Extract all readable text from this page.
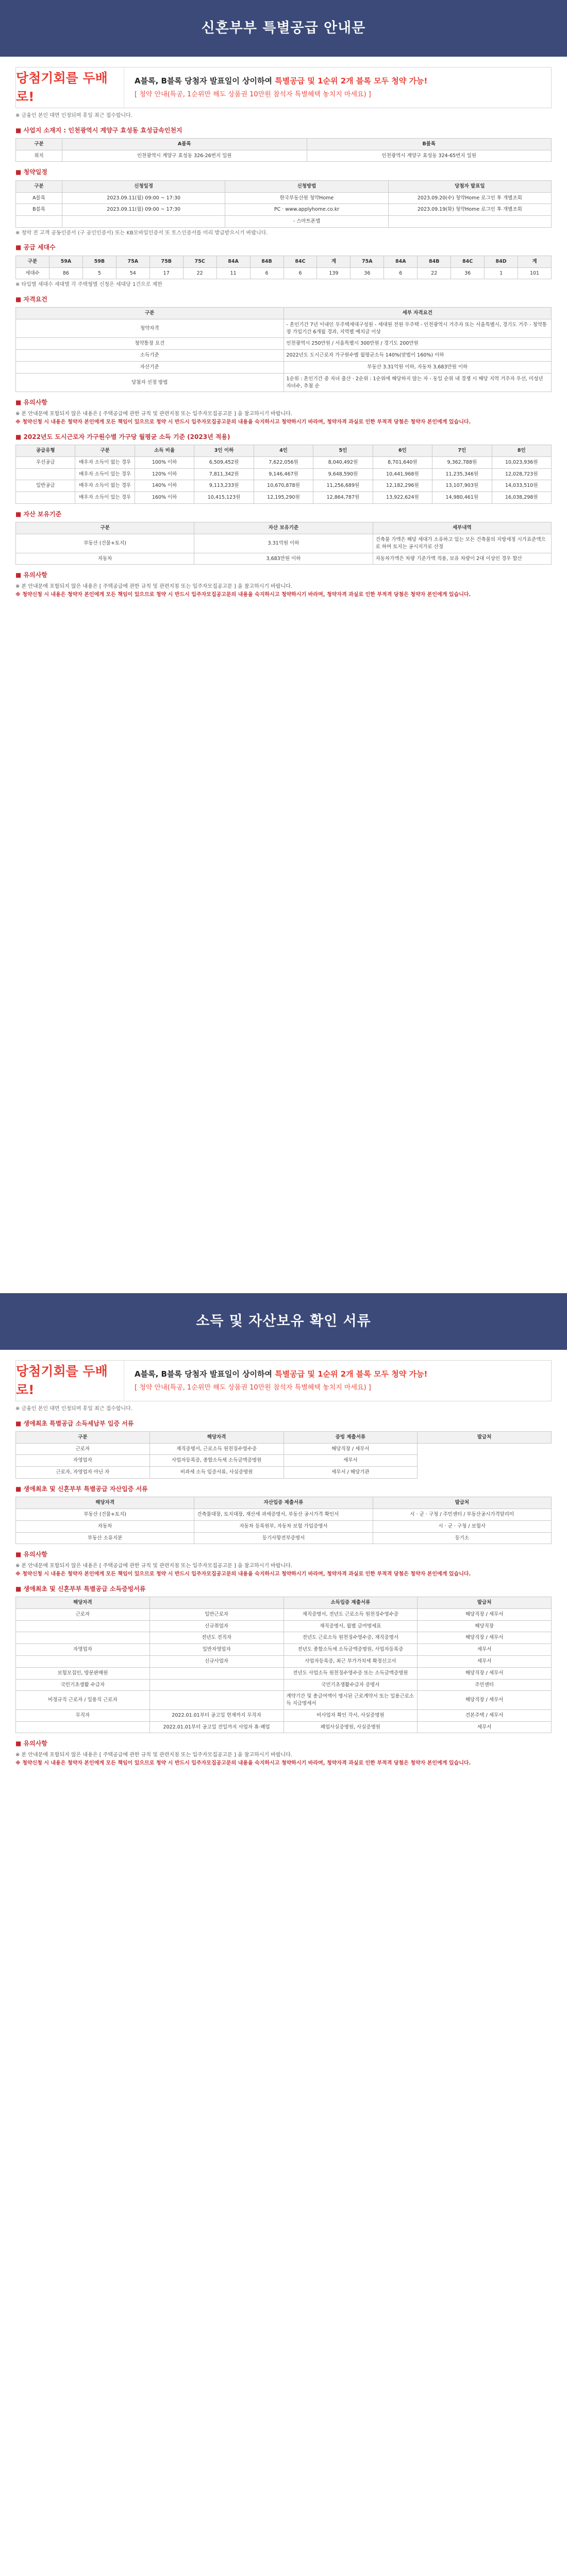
신혼부부 특별공급 안내문
당첨기회를 두배로!
A블록, B블록 당첨자 발표일이 상이하여 특별공급 및 1순위 2개 블록 모두 청약 가능!
[ 청약 안내(특공, 1순위만 해도 상품권 10만원 참석자 특별혜택 놓치지 마세요) ]
※ 금융인 본인 대면 인정되며 휴일 최근 접수합니다.
■ 사업지 소재지 : 인천광역시 계양구 효성동 효성급속인천지
구분	A블록	B블록
위치	인천광역시 계양구 효성동 326-26번지 일원	인천광역시 계양구 효성동 324-65번지 일원
■ 청약일정
구분	신청일정	신청방법	당첨자 발표일
A블록	2023.09.11(월) 09:00 ~ 17:30	한국부동산원 청약Home	2023.09.20(수) 청약Home 로그인 후 개별조회
B블록	2023.09.11(월) 09:00 ~ 17:30	PC · www.applyhome.co.kr	2023.09.19(화) 청약Home 로그인 후 개별조회
		- 스마트폰앱	
※ 청약 전 고객 공동인증서 (구 공인인증서) 또는 KB모바일인증서 또 토스인증서를 미리 발급받으시기 바랍니다.
■ 공급 세대수
구분	59A	59B	75A	75B	75C	84A	84B	84C	계	75A	84A	84B	84C	84D	계
세대수	86	5	54	17	22	11	6	6	139	36	6	22	36	1	101
※ 타입별 세대수 세대별 각 주택형별 신청은 세대당 1건으로 제한
■ 자격요건
구분	세부 자격요건
청약자격	- 혼인기간 7년 이내인 무주택세대구성원 - 세대원 전원 무주택 - 인천광역시 거주자 또는 서울특별시, 경기도 거주 - 청약통장 가입기간 6개월 경과, 지역별 예치금 이상
청약통장 요건	인천광역시 250만원 / 서울특별시 300만원 / 경기도 200만원
소득기준	2022년도 도시근로자 가구원수별 월평균소득 140%(맞벌이 160%) 이하
자산기준	부동산 3.31억원 이하, 자동차 3,683만원 이하
당첨자 선정 방법	1순위 : 혼인기간 중 자녀 출산 · 2순위 : 1순위에 해당하지 않는 자 - 동일 순위 내 경쟁 시 해당 지역 거주자 우선, 미성년 자녀수, 추첨 순
■ 유의사항

※ 본 안내문에 포함되지 않은 내용은 [ 주택공급에 관한 규칙 및 관련지침 또는 입주자모집공고문 ] 을 참고하시기 바랍니다.

※ 청약신청 시 내용은 청약자 본인에게 모든 책임이 있으므로 청약 시 반드시 입주자모집공고문의 내용을 숙지하시고 청약하시기 바라며, 청약자격 과실로 인한 부적격 당첨은 청약자 본인에게 있습니다.

■ 2022년도 도시근로자 가구원수별 가구당 월평균 소득 기준 (2023년 적용)
공급유형	구분	소득 비율	3인 이하	4인	5인	6인	7인	8인
우선공급	배우자 소득이 없는 경우	100% 이하	6,509,452원	7,622,056원	8,040,492원	8,701,640원	9,362,788원	10,023,936원
	배우자 소득이 있는 경우	120% 이하	7,811,342원	9,146,467원	9,648,590원	10,441,968원	11,235,346원	12,028,723원
일반공급	배우자 소득이 없는 경우	140% 이하	9,113,233원	10,670,878원	11,256,689원	12,182,296원	13,107,903원	14,033,510원
	배우자 소득이 있는 경우	160% 이하	10,415,123원	12,195,290원	12,864,787원	13,922,624원	14,980,461원	16,038,298원
■ 자산 보유기준
구분	자산 보유기준	세부내역
부동산 (건물+토지)	3.31억원 이하	건축물 가액은 해당 세대가 소유하고 있는 모든 건축물의 지방세정 시가표준액으로 하며 토지는 공시지가로 산정
자동차	3,683만원 이하	자동차가액은 차량 기준가액 적용, 보유 차량이 2대 이상인 경우 합산
■ 유의사항

※ 본 안내문에 포함되지 않은 내용은 [ 주택공급에 관한 규칙 및 관련지침 또는 입주자모집공고문 ] 을 참고하시기 바랍니다.

※ 청약신청 시 내용은 청약자 본인에게 모든 책임이 있으므로 청약 시 반드시 입주자모집공고문의 내용을 숙지하시고 청약하시기 바라며, 청약자격 과실로 인한 부적격 당첨은 청약자 본인에게 있습니다.

소득 및 자산보유 확인 서류
당첨기회를 두배로!
A블록, B블록 당첨자 발표일이 상이하여 특별공급 및 1순위 2개 블록 모두 청약 가능!
[ 청약 안내(특공, 1순위만 해도 상품권 10만원 참석자 특별혜택 놓치지 마세요) ]
※ 금융인 본인 대면 인정되며 휴일 최근 접수합니다.
■ 생애최초 특별공급 소득세납부 입증 서류
구분	해당자격	증빙 제출서류	발급처
근로자	재직증명서, 근로소득 원천징수영수증	해당직장 / 세무서	
자영업자	사업자등록증, 종합소득세 소득금액증명원	세무서	
근로자, 자영업자 아닌 자	비과세 소득 입증서류, 사실증명원	세무서 / 해당기관	
■ 생애최초 및 신혼부부 특별공급 자산입증 서류
해당자격	자산입증 제출서류	발급처
부동산 (건물+토지)	건축물대장, 토지대장, 재산세 과세증명서, 부동산 공시가격 확인서	시 · 군 · 구청 / 주민센터 / 부동산공시가격알리미
자동차	자동차 등록원부, 자동차 보험 가입증명서	시 · 군 · 구청 / 보험사
부동산 소유지분	등기사항전부증명서	등기소
■ 유의사항

※ 본 안내문에 포함되지 않은 내용은 [ 주택공급에 관한 규칙 및 관련지침 또는 입주자모집공고문 ] 을 참고하시기 바랍니다.

※ 청약신청 시 내용은 청약자 본인에게 모든 책임이 있으므로 청약 시 반드시 입주자모집공고문의 내용을 숙지하시고 청약하시기 바라며, 청약자격 과실로 인한 부적격 당첨은 청약자 본인에게 있습니다.

■ 생애최초 및 신혼부부 특별공급 소득증빙서류
해당자격		소득입증 제출서류	발급처
근로자	일반근로자	재직증명서, 전년도 근로소득 원천징수영수증	해당직장 / 세무서
	신규취업자	재직증명서, 월별 급여명세표	해당직장
	전년도 전직자	전년도 근로소득 원천징수영수증, 재직증명서	해당직장 / 세무서
자영업자	일반자영업자	전년도 종합소득세 소득금액증명원, 사업자등록증	세무서
	신규사업자	사업자등록증, 최근 부가가치세 확정신고서	세무서
보험모집인, 방문판매원		전년도 사업소득 원천징수영수증 또는 소득금액증명원	해당직장 / 세무서
국민기초생활 수급자		국민기초생활수급자 증명서	주민센터
비정규직 근로자 / 일용직 근로자		계약기간 및 총급여액이 명시된 근로계약서 또는 일용근로소득 지급명세서	해당직장 / 세무서
무직자	2022.01.01부터 공고일 현재까지 무직자	비사업자 확인 각서, 사실증명원	견본주택 / 세무서
	2022.01.01부터 공고일 전일까지 사업자 휴·폐업	폐업사실증명원, 사실증명원	세무서
■ 유의사항

※ 본 안내문에 포함되지 않은 내용은 [ 주택공급에 관한 규칙 및 관련지침 또는 입주자모집공고문 ] 을 참고하시기 바랍니다.

※ 청약신청 시 내용은 청약자 본인에게 모든 책임이 있으므로 청약 시 반드시 입주자모집공고문의 내용을 숙지하시고 청약하시기 바라며, 청약자격 과실로 인한 부적격 당첨은 청약자 본인에게 있습니다.
